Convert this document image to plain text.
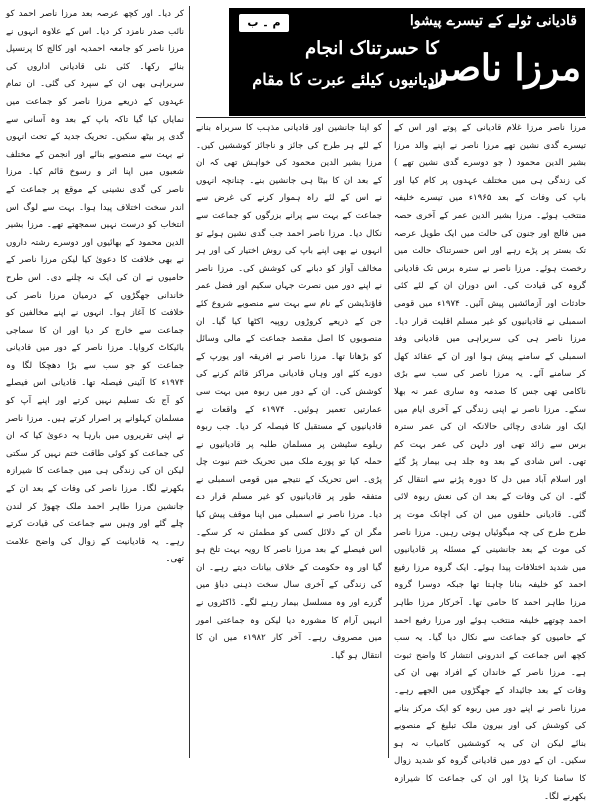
م ۔ ب	قادیانی ٹولے کے تیسرے پیشوا
مرزا ناصر
کا حسرتناک انجام
قادیانیوں کیلئے عبرت کا مقام

مرزا ناصر مرزا غلام قادیانی کے پوتے اور اس کے تیسرے گدی نشین تھے مرزا ناصر نے اپنے والد مرزا بشیر الدین محمود ( جو دوسرے گدی نشین تھے ) کی زندگی ہی میں مختلف عہدوں پر کام کیا اور باپ کی وفات کے بعد ۱۹۶۵ء میں تیسرے خلیفہ منتخب ہوئے۔ مرزا بشیر الدین عمر کے آخری حصہ میں فالج اور جنون کی حالت میں ایک طویل عرصہ تک بستر پر پڑے رہے اور اس حسرتناک حالت میں رخصت ہوئے۔ مرزا ناصر نے سترہ برس تک قادیانی گروہ کی قیادت کی۔ اس دوران ان کے لئے کئی حادثات اور آزمائشیں پیش آئیں۔ ۱۹۷۴ء میں قومی اسمبلی نے قادیانیوں کو غیر مسلم اقلیت قرار دیا۔ مرزا ناصر ہی کی سربراہی میں قادیانی وفد اسمبلی کے سامنے پیش ہوا اور ان کے عقائد کھل کر سامنے آئے۔ یہ مرزا ناصر کی سب سے بڑی ناکامی تھی جس کا صدمہ وہ ساری عمر نہ بھلا سکے۔ مرزا ناصر نے اپنی زندگی کے آخری ایام میں ایک اور شادی رچائی حالانکہ ان کی عمر سترہ برس سے زائد تھی اور دلہن کی عمر بہت کم تھی۔ اس شادی کے بعد وہ جلد ہی بیمار پڑ گئے اور اسلام آباد میں دل کا دورہ پڑنے سے انتقال کر گئے۔ ان کی وفات کے بعد ان کی نعش ربوہ لائی گئی۔ قادیانی حلقوں میں ان کی اچانک موت پر طرح طرح کی چہ میگوئیاں ہوتی رہیں۔ مرزا ناصر کی موت کے بعد جانشینی کے مسئلہ پر قادیانیوں میں شدید اختلافات پیدا ہوئے۔ ایک گروہ مرزا رفیع احمد کو خلیفہ بنانا چاہتا تھا جبکہ دوسرا گروہ مرزا طاہر احمد کا حامی تھا۔ آخرکار مرزا طاہر احمد چوتھے خلیفہ منتخب ہوئے اور مرزا رفیع احمد کے حامیوں کو جماعت سے نکال دیا گیا۔ یہ سب کچھ اس جماعت کے اندرونی انتشار کا واضح ثبوت ہے۔ مرزا ناصر کے خاندان کے افراد بھی ان کی وفات کے بعد جائیداد کے جھگڑوں میں الجھے رہے۔ مرزا ناصر نے اپنے دور میں ربوہ کو ایک مرکز بنانے کی کوشش کی اور بیرون ملک تبلیغ کے منصوبے بنائے لیکن ان کی یہ کوششیں کامیاب نہ ہو سکیں۔ ان کے دور میں قادیانی گروہ کو شدید زوال کا سامنا کرنا پڑا اور ان کی جماعت کا شیرازہ بکھرنے لگا۔

کو اپنا جانشین اور قادیانی مذہب کا سربراہ بنانے کے لئے ہر طرح کی جائز و ناجائز کوششیں کیں۔ مرزا بشیر الدین محمود کی خواہش تھی کہ ان کے بعد ان کا بیٹا ہی جانشین بنے۔ چنانچہ انہوں نے اس کے لئے راہ ہموار کرنے کی غرض سے جماعت کے بہت سے پرانے بزرگوں کو جماعت سے نکال دیا۔ مرزا ناصر احمد جب گدی نشین ہوئے تو انہوں نے بھی اپنے باپ کی روش اختیار کی اور ہر مخالف آواز کو دبانے کی کوشش کی۔ مرزا ناصر نے اپنے دور میں نصرت جہاں سکیم اور فضل عمر فاؤنڈیشن کے نام سے بہت سے منصوبے شروع کئے جن کے ذریعے کروڑوں روپیہ اکٹھا کیا گیا۔ ان منصوبوں کا اصل مقصد جماعت کے مالی وسائل کو بڑھانا تھا۔ مرزا ناصر نے افریقہ اور یورپ کے دورے کئے اور وہاں قادیانی مراکز قائم کرنے کی کوشش کی۔ ان کے دور میں ربوہ میں بہت سی عمارتیں تعمیر ہوئیں۔ ۱۹۷۴ء کے واقعات نے قادیانیوں کے مستقبل کا فیصلہ کر دیا۔ جب ربوہ ریلوے سٹیشن پر مسلمان طلبہ پر قادیانیوں نے حملہ کیا تو پورے ملک میں تحریک ختم نبوت چل پڑی۔ اس تحریک کے نتیجے میں قومی اسمبلی نے متفقہ طور پر قادیانیوں کو غیر مسلم قرار دے دیا۔ مرزا ناصر نے اسمبلی میں اپنا موقف پیش کیا مگر ان کے دلائل کسی کو مطمئن نہ کر سکے۔ اس فیصلے کے بعد مرزا ناصر کا رویہ بہت تلخ ہو گیا اور وہ حکومت کے خلاف بیانات دیتے رہے۔ ان کی زندگی کے آخری سال سخت ذہنی دباؤ میں گزرے اور وہ مسلسل بیمار رہنے لگے۔ ڈاکٹروں نے انہیں آرام کا مشورہ دیا لیکن وہ جماعتی امور میں مصروف رہے۔ آخر کار ۱۹۸۲ء میں ان کا انتقال ہو گیا۔

کر دیا۔ اور کچھ عرصہ بعد مرزا ناصر احمد کو نائب صدر نامزد کر دیا۔ اس کے علاوہ انہوں نے مرزا ناصر کو جامعہ احمدیہ اور کالج کا پرنسپل بنائے رکھا۔ کئی نئی قادیانی اداروں کی سربراہی بھی ان کے سپرد کی گئی۔ ان تمام عہدوں کے ذریعے مرزا ناصر کو جماعت میں نمایاں کیا گیا تاکہ باپ کے بعد وہ آسانی سے گدی پر بیٹھ سکیں۔ تحریک جدید کے تحت انہوں نے بہت سے منصوبے بنائے اور انجمن کے مختلف شعبوں میں اپنا اثر و رسوخ قائم کیا۔ مرزا ناصر کی گدی نشینی کے موقع پر جماعت کے اندر سخت اختلاف پیدا ہوا۔ بہت سے لوگ اس انتخاب کو درست نہیں سمجھتے تھے۔ مرزا بشیر الدین محمود کے بھائیوں اور دوسرے رشتہ داروں نے بھی خلافت کا دعویٰ کیا لیکن مرزا ناصر کے حامیوں نے ان کی ایک نہ چلنے دی۔ اس طرح خاندانی جھگڑوں کے درمیان مرزا ناصر کی خلافت کا آغاز ہوا۔ انہوں نے اپنے مخالفین کو جماعت سے خارج کر دیا اور ان کا سماجی بائیکاٹ کروایا۔ مرزا ناصر کے دور میں قادیانی جماعت کو جو سب سے بڑا دھچکا لگا وہ ۱۹۷۴ء کا آئینی فیصلہ تھا۔ قادیانی اس فیصلے کو آج تک تسلیم نہیں کرتے اور اپنے آپ کو مسلمان کہلوانے پر اصرار کرتے ہیں۔ مرزا ناصر نے اپنی تقریروں میں بارہا یہ دعویٰ کیا کہ ان کی جماعت کو کوئی طاقت ختم نہیں کر سکتی لیکن ان کی زندگی ہی میں جماعت کا شیرازہ بکھرنے لگا۔ مرزا ناصر کی وفات کے بعد ان کے جانشین مرزا طاہر احمد ملک چھوڑ کر لندن چلے گئے اور وہیں سے جماعت کی قیادت کرتے رہے۔ یہ قادیانیت کے زوال کی واضح علامت تھی۔
